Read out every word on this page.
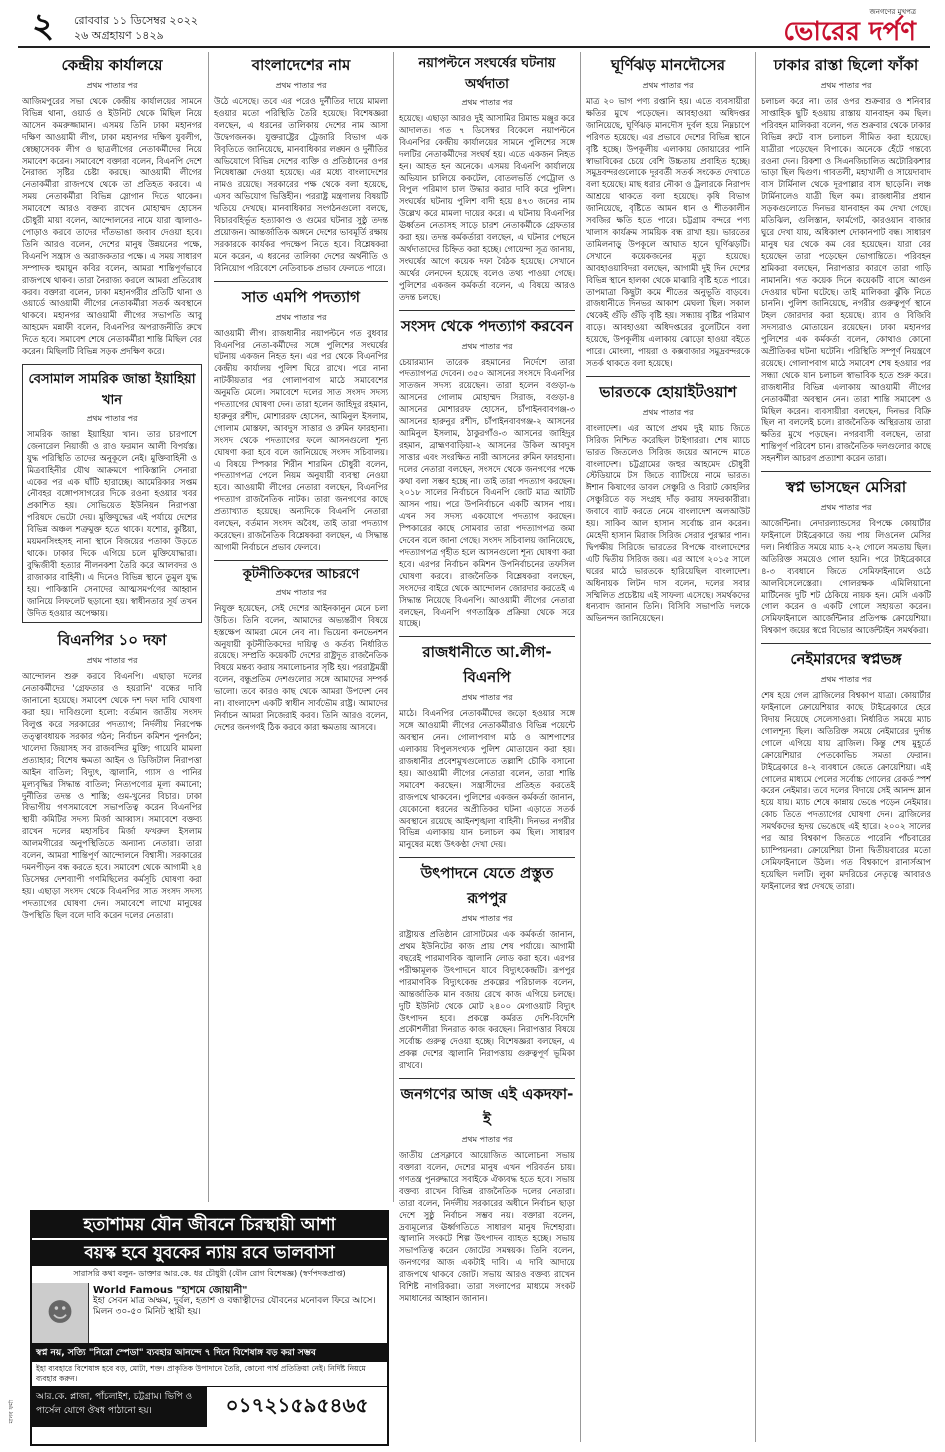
২ রোববার ১১ ডিসেম্বর ২০২২
২৬ অগ্রহায়ণ ১৪২৯
জনগণের মুখপত্র
ভোরের দর্পণ
কেন্দ্রীয় কার্যালয়ে
প্রথম পাতার পর

আজিমপুরের সভা থেকে কেন্দ্রীয় কার্যালয়ের সামনে বিভিন্ন থানা, ওয়ার্ড ও ইউনিট থেকে মিছিল নিয়ে আসেন কমরুজ্জামান। এসময় তিনি ঢাকা মহানগর দক্ষিণ আওয়ামী লীগ, ঢাকা মহানগর দক্ষিণ যুবলীগ, স্বেচ্ছাসেবক লীগ ও ছাত্রলীগের নেতাকর্মীদের নিয়ে সমাবেশ করেন। সমাবেশে বক্তারা বলেন, বিএনপি দেশে নৈরাজ্য সৃষ্টির চেষ্টা করছে। আওয়ামী লীগের নেতাকর্মীরা রাজপথে থেকে তা প্রতিহত করবে। এ সময় নেতাকর্মীরা বিভিন্ন স্লোগান দিতে থাকেন। সমাবেশে আরও বক্তব্য রাখেন মোহাম্মদ হোসেন চৌধুরী মায়া বলেন, আন্দোলনের নামে যারা জ্বালাও-পোড়াও করবে তাদের দাঁতভাঙা জবাব দেওয়া হবে। তিনি আরও বলেন, দেশের মানুষ উন্নয়নের পক্ষে, বিএনপি সন্ত্রাস ও অরাজকতার পক্ষে। এ সময় সাধারণ সম্পাদক হুমায়ুন কবির বলেন, আমরা শান্তিপূর্ণভাবে রাজপথে থাকব। তারা নৈরাজ্য করলে আমরা প্রতিরোধ করব। বক্তারা বলেন, ঢাকা মহানগরীর প্রতিটি থানা ও ওয়ার্ডে আওয়ামী লীগের নেতাকর্মীরা সতর্ক অবস্থানে থাকবে। মহানগর আওয়ামী লীগের সভাপতি আবু আহমেদ মন্নাফী বলেন, বিএনপির অপরাজনীতি রুখে দিতে হবে। সমাবেশ শেষে নেতাকর্মীরা শান্তি মিছিল বের করেন। মিছিলটি বিভিন্ন সড়ক প্রদক্ষিণ করে।

বেসামাল সামরিক জান্তা ইয়াহিয়া খান
প্রথম পাতার পর

সামরিক জান্তা ইয়াহিয়া খান। তার চারপাশে জেনারেল নিয়াজী ও রাও ফরমান আলী বিপর্যস্ত। যুদ্ধ পরিস্থিতি তাদের অনুকূলে নেই। মুক্তিবাহিনী ও মিত্রবাহিনীর যৌথ আক্রমণে পাকিস্তানি সেনারা একের পর এক ঘাঁটি হারাচ্ছে। আমেরিকার সপ্তম নৌবহর বঙ্গোপসাগরের দিকে রওনা হওয়ার খবর প্রকাশিত হয়। সোভিয়েত ইউনিয়ন নিরাপত্তা পরিষদে ভেটো দেয়। মুক্তিযুদ্ধের এই পর্যায়ে দেশের বিভিন্ন অঞ্চল শত্রুমুক্ত হতে থাকে। যশোর, কুষ্টিয়া, ময়মনসিংহসহ নানা স্থানে বিজয়ের পতাকা উড়তে থাকে। ঢাকার দিকে এগিয়ে চলে মুক্তিযোদ্ধারা। বুদ্ধিজীবী হত্যার নীলনকশা তৈরি করে আলবদর ও রাজাকার বাহিনী। এ দিনেও বিভিন্ন স্থানে তুমুল যুদ্ধ হয়। পাকিস্তানি সেনাদের আত্মসমর্পণের আহ্বান জানিয়ে লিফলেট ছড়ানো হয়। স্বাধীনতার সূর্য তখন উদিত হওয়ার অপেক্ষায়।

বিএনপির ১০ দফা
প্রথম পাতার পর

আন্দোলন শুরু করবে বিএনপি। এছাড়া দলের নেতাকর্মীদের 'গ্রেফতার ও হয়রানি' বন্ধের দাবি জানানো হয়েছে। সমাবেশ থেকে দশ দফা দাবি ঘোষণা করা হয়। দাবিগুলো হলো: বর্তমান জাতীয় সংসদ বিলুপ্ত করে সরকারের পদত্যাগ; নির্দলীয় নিরপেক্ষ তত্ত্বাবধায়ক সরকার গঠন; নির্বাচন কমিশন পুনর্গঠন; খালেদা জিয়াসহ সব রাজবন্দির মুক্তি; গায়েবি মামলা প্রত্যাহার; বিশেষ ক্ষমতা আইন ও ডিজিটাল নিরাপত্তা আইন বাতিল; বিদ্যুৎ, জ্বালানি, গ্যাস ও পানির মূল্যবৃদ্ধির সিদ্ধান্ত বাতিল; নিত্যপণ্যের মূল্য কমানো; দুর্নীতির তদন্ত ও শাস্তি; গুম-খুনের বিচার। ঢাকা বিভাগীয় গণসমাবেশে সভাপতিত্ব করেন বিএনপির স্থায়ী কমিটির সদস্য মির্জা আব্বাস। সমাবেশে বক্তব্য রাখেন দলের মহাসচিব মির্জা ফখরুল ইসলাম আলমগীরের অনুপস্থিতিতে অন্যান্য নেতারা। তারা বলেন, আমরা শান্তিপূর্ণ আন্দোলনে বিশ্বাসী। সরকারের দমনপীড়ন বন্ধ করতে হবে। সমাবেশ থেকে আগামী ২৪ ডিসেম্বর দেশব্যাপী গণমিছিলের কর্মসূচি ঘোষণা করা হয়। এছাড়া সংসদ থেকে বিএনপির সাত সংসদ সদস্য পদত্যাগের ঘোষণা দেন। সমাবেশে লাখো মানুষের উপস্থিতি ছিল বলে দাবি করেন দলের নেতারা।

বাংলাদেশের নাম
প্রথম পাতার পর

উঠে এসেছে। তবে এর পরেও দুর্নীতির দায়ে মামলা হওয়ার মতো পরিস্থিতি তৈরি হয়েছে। বিশেষজ্ঞরা বলছেন, এ ধরনের তালিকায় দেশের নাম আসা উদ্বেগজনক। যুক্তরাষ্ট্রের ট্রেজারি বিভাগ এক বিবৃতিতে জানিয়েছে, মানবাধিকার লঙ্ঘন ও দুর্নীতির অভিযোগে বিভিন্ন দেশের ব্যক্তি ও প্রতিষ্ঠানের ওপর নিষেধাজ্ঞা দেওয়া হয়েছে। এর মধ্যে বাংলাদেশের নামও রয়েছে। সরকারের পক্ষ থেকে বলা হয়েছে, এসব অভিযোগ ভিত্তিহীন। পররাষ্ট্র মন্ত্রণালয় বিষয়টি খতিয়ে দেখছে। মানবাধিকার সংগঠনগুলো বলছে, বিচারবহির্ভূত হত্যাকাণ্ড ও গুমের ঘটনার সুষ্ঠু তদন্ত প্রয়োজন। আন্তর্জাতিক অঙ্গনে দেশের ভাবমূর্তি রক্ষায় সরকারকে কার্যকর পদক্ষেপ নিতে হবে। বিশ্লেষকরা মনে করেন, এ ধরনের তালিকা দেশের অর্থনীতি ও বিনিয়োগ পরিবেশে নেতিবাচক প্রভাব ফেলতে পারে।

সাত এমপি পদত্যাগ
প্রথম পাতার পর

আওয়ামী লীগ। রাজধানীর নয়াপল্টনে গত বুধবার বিএনপির নেতা-কর্মীদের সঙ্গে পুলিশের সংঘর্ষের ঘটনায় একজন নিহত হন। এর পর থেকে বিএনপির কেন্দ্রীয় কার্যালয় পুলিশ ঘিরে রাখে। পরে নানা নাটকীয়তার পর গোলাপবাগ মাঠে সমাবেশের অনুমতি মেলে। সমাবেশে দলের সাত সংসদ সদস্য পদত্যাগের ঘোষণা দেন। তারা হলেন জাহিদুর রহমান, হারুনুর রশীদ, মোশাররফ হোসেন, আমিনুল ইসলাম, গোলাম মোস্তফা, আবদুস সাত্তার ও রুমিন ফারহানা। সংসদ থেকে পদত্যাগের ফলে আসনগুলো শূন্য ঘোষণা করা হবে বলে জানিয়েছে সংসদ সচিবালয়। এ বিষয়ে স্পিকার শিরীন শারমিন চৌধুরী বলেন, পদত্যাগপত্র পেলে নিয়ম অনুযায়ী ব্যবস্থা নেওয়া হবে। আওয়ামী লীগের নেতারা বলছেন, বিএনপির পদত্যাগ রাজনৈতিক নাটক। তারা জনগণের কাছে প্রত্যাখ্যাত হয়েছে। অন্যদিকে বিএনপি নেতারা বলছেন, বর্তমান সংসদ অবৈধ, তাই তারা পদত্যাগ করেছেন। রাজনৈতিক বিশ্লেষকরা বলছেন, এ সিদ্ধান্ত আগামী নির্বাচনে প্রভাব ফেলবে।

কূটনীতিকদের আচরণে
প্রথম পাতার পর

নিযুক্ত হয়েছেন, সেই দেশের আইনকানুন মেনে চলা উচিত। তিনি বলেন, আমাদের অভ্যন্তরীণ বিষয়ে হস্তক্ষেপ আমরা মেনে নেব না। ভিয়েনা কনভেনশন অনুযায়ী কূটনীতিকদের দায়িত্ব ও কর্তব্য নির্ধারিত রয়েছে। সম্প্রতি কয়েকটি দেশের রাষ্ট্রদূত রাজনৈতিক বিষয়ে মন্তব্য করায় সমালোচনার সৃষ্টি হয়। পররাষ্ট্রমন্ত্রী বলেন, বন্ধুপ্রতিম দেশগুলোর সঙ্গে আমাদের সম্পর্ক ভালো। তবে কারও কাছ থেকে আমরা উপদেশ নেব না। বাংলাদেশ একটি স্বাধীন সার্বভৌম রাষ্ট্র। আমাদের নির্বাচন আমরা নিজেরাই করব। তিনি আরও বলেন, দেশের জনগণই ঠিক করবে কারা ক্ষমতায় আসবে।

নয়াপল্টনে সংঘর্ষের ঘটনায় অর্থদাতা
প্রথম পাতার পর

হয়েছে। এছাড়া আরও দুই আসামির রিমান্ড মঞ্জুর করে আদালত। গত ৭ ডিসেম্বর বিকেলে নয়াপল্টনে বিএনপির কেন্দ্রীয় কার্যালয়ের সামনে পুলিশের সঙ্গে দলটির নেতাকর্মীদের সংঘর্ষ হয়। এতে একজন নিহত হন। আহত হন অনেকে। এসময় বিএনপি কার্যালয়ে অভিযান চালিয়ে ককটেল, বোতলভর্তি পেট্রোল ও বিপুল পরিমাণ চাল উদ্ধার করার দাবি করে পুলিশ। সংঘর্ষের ঘটনায় পুলিশ বাদী হয়ে ৪৭৩ জনের নাম উল্লেখ করে মামলা দায়ের করে। এ ঘটনায় বিএনপির ঊর্ধ্বতন নেতাসহ সাড়ে চারশ নেতাকর্মীকে গ্রেফতার করা হয়। তদন্ত কর্মকর্তারা বলছেন, এ ঘটনার পেছনে অর্থদাতাদের চিহ্নিত করা হচ্ছে। গোয়েন্দা সূত্র জানায়, সংঘর্ষের আগে কয়েক দফা বৈঠক হয়েছে। সেখানে অর্থের লেনদেন হয়েছে বলেও তথ্য পাওয়া গেছে। পুলিশের একজন কর্মকর্তা বলেন, এ বিষয়ে আরও তদন্ত চলছে।

সংসদ থেকে পদত্যাগ করবেন
প্রথম পাতার পর

চেয়ারম্যান তারেক রহমানের নির্দেশে তারা পদত্যাগপত্র দেবেন। ৩৫০ আসনের সংসদে বিএনপির সাতজন সদস্য রয়েছেন। তারা হলেন বগুড়া-৬ আসনের গোলাম মোহাম্মদ সিরাজ, বগুড়া-৪ আসনের মোশাররফ হোসেন, চাঁপাইনবাবগঞ্জ-৩ আসনের হারুনুর রশীদ, চাঁপাইনবাবগঞ্জ-২ আসনের আমিনুল ইসলাম, ঠাকুরগাঁও-৩ আসনের জাহিদুর রহমান, ব্রাহ্মণবাড়িয়া-২ আসনের উকিল আবদুস সাত্তার এবং সংরক্ষিত নারী আসনের রুমিন ফারহানা। দলের নেতারা বলছেন, সংসদে থেকে জনগণের পক্ষে কথা বলা সম্ভব হচ্ছে না। তাই তারা পদত্যাগ করছেন। ২০১৮ সালের নির্বাচনে বিএনপি জোট মাত্র আটটি আসন পায়। পরে উপনির্বাচনে একটি আসন পায়। এখন সব সদস্য একযোগে পদত্যাগ করছেন। স্পিকারের কাছে সোমবার তারা পদত্যাগপত্র জমা দেবেন বলে জানা গেছে। সংসদ সচিবালয় জানিয়েছে, পদত্যাগপত্র গৃহীত হলে আসনগুলো শূন্য ঘোষণা করা হবে। এরপর নির্বাচন কমিশন উপনির্বাচনের তফসিল ঘোষণা করবে। রাজনৈতিক বিশ্লেষকরা বলছেন, সংসদের বাইরে থেকে আন্দোলন জোরদার করতেই এ সিদ্ধান্ত নিয়েছে বিএনপি। আওয়ামী লীগের নেতারা বলছেন, বিএনপি গণতান্ত্রিক প্রক্রিয়া থেকে সরে যাচ্ছে।

রাজধানীতে আ.লীগ-বিএনপি
প্রথম পাতার পর

মাঠে। বিএনপির নেতাকর্মীদের জড়ো হওয়ার সঙ্গে সঙ্গে আওয়ামী লীগের নেতাকর্মীরাও বিভিন্ন পয়েন্টে অবস্থান নেন। গোলাপবাগ মাঠ ও আশপাশের এলাকায় বিপুলসংখ্যক পুলিশ মোতায়েন করা হয়। রাজধানীর প্রবেশমুখগুলোতে তল্লাশি চৌকি বসানো হয়। আওয়ামী লীগের নেতারা বলেন, তারা শান্তি সমাবেশ করছেন। সন্ত্রাসীদের প্রতিহত করতেই রাজপথে থাকবেন। পুলিশের একজন কর্মকর্তা জানান, যেকোনো ধরনের অপ্রীতিকর ঘটনা এড়াতে সতর্ক অবস্থানে রয়েছে আইনশৃঙ্খলা বাহিনী। দিনভর নগরীর বিভিন্ন এলাকায় যান চলাচল কম ছিল। সাধারণ মানুষের মধ্যে উৎকণ্ঠা দেখা দেয়।

উৎপাদনে যেতে প্রস্তুত রূপপুর
প্রথম পাতার পর

রাষ্ট্রায়ত্ত প্রতিষ্ঠান রোসাটমের এক কর্মকর্তা জানান, প্রথম ইউনিটের কাজ প্রায় শেষ পর্যায়ে। আগামী বছরেই পারমাণবিক জ্বালানি লোড করা হবে। এরপর পরীক্ষামূলক উৎপাদনে যাবে বিদ্যুৎকেন্দ্রটি। রূপপুর পারমাণবিক বিদ্যুৎকেন্দ্র প্রকল্পের পরিচালক বলেন, আন্তর্জাতিক মান বজায় রেখে কাজ এগিয়ে চলছে। দুটি ইউনিট থেকে মোট ২৪০০ মেগাওয়াট বিদ্যুৎ উৎপাদন হবে। প্রকল্পে কর্মরত দেশি-বিদেশি প্রকৌশলীরা দিনরাত কাজ করছেন। নিরাপত্তার বিষয়ে সর্বোচ্চ গুরুত্ব দেওয়া হচ্ছে। বিশেষজ্ঞরা বলছেন, এ প্রকল্প দেশের জ্বালানি নিরাপত্তায় গুরুত্বপূর্ণ ভূমিকা রাখবে।

জনগণের আজ এই একদফা-ই
প্রথম পাতার পর

জাতীয় প্রেসক্লাবে আয়োজিত আলোচনা সভায় বক্তারা বলেন, দেশের মানুষ এখন পরিবর্তন চায়। গণতন্ত্র পুনরুদ্ধারে সবাইকে ঐক্যবদ্ধ হতে হবে। সভায় বক্তব্য রাখেন বিভিন্ন রাজনৈতিক দলের নেতারা। তারা বলেন, নির্দলীয় সরকারের অধীনে নির্বাচন ছাড়া দেশে সুষ্ঠু নির্বাচন সম্ভব নয়। বক্তারা বলেন, দ্রব্যমূল্যের ঊর্ধ্বগতিতে সাধারণ মানুষ দিশেহারা। জ্বালানি সংকটে শিল্প উৎপাদন ব্যাহত হচ্ছে। সভায় সভাপতিত্ব করেন জোটের সমন্বয়ক। তিনি বলেন, জনগণের আজ একটাই দাবি। এ দাবি আদায়ে রাজপথে থাকবে জোট। সভায় আরও বক্তব্য রাখেন বিশিষ্ট নাগরিকরা। তারা সংলাপের মাধ্যমে সংকট সমাধানের আহ্বান জানান।

ঘূর্ণিঝড় মানদৌসের
প্রথম পাতার পর

মাত্র ২০ ভাগ পণ্য রপ্তানি হয়। এতে ব্যবসায়ীরা ক্ষতির মুখে পড়েছেন। আবহাওয়া অধিদপ্তর জানিয়েছে, ঘূর্ণিঝড় মানদৌস দুর্বল হয়ে নিম্নচাপে পরিণত হয়েছে। এর প্রভাবে দেশের বিভিন্ন স্থানে বৃষ্টি হচ্ছে। উপকূলীয় এলাকায় জোয়ারের পানি স্বাভাবিকের চেয়ে বেশি উচ্চতায় প্রবাহিত হচ্ছে। সমুদ্রবন্দরগুলোকে দূরবর্তী সতর্ক সংকেত দেখাতে বলা হয়েছে। মাছ ধরার নৌকা ও ট্রলারকে নিরাপদ আশ্রয়ে থাকতে বলা হয়েছে। কৃষি বিভাগ জানিয়েছে, বৃষ্টিতে আমন ধান ও শীতকালীন সবজির ক্ষতি হতে পারে। চট্টগ্রাম বন্দরে পণ্য খালাস কার্যক্রম সাময়িক বন্ধ রাখা হয়। ভারতের তামিলনাড়ু উপকূলে আঘাত হানে ঘূর্ণিঝড়টি। সেখানে কয়েকজনের মৃত্যু হয়েছে। আবহাওয়াবিদরা বলছেন, আগামী দুই দিন দেশের বিভিন্ন স্থানে হালকা থেকে মাঝারি বৃষ্টি হতে পারে। তাপমাত্রা কিছুটা কমে শীতের অনুভূতি বাড়বে। রাজধানীতে দিনভর আকাশ মেঘলা ছিল। সকাল থেকেই গুঁড়ি গুঁড়ি বৃষ্টি হয়। সন্ধ্যায় বৃষ্টির পরিমাণ বাড়ে। আবহাওয়া অধিদপ্তরের বুলেটিনে বলা হয়েছে, উপকূলীয় এলাকায় ঝোড়ো হাওয়া বইতে পারে। মোংলা, পায়রা ও কক্সবাজার সমুদ্রবন্দরকে সতর্ক থাকতে বলা হয়েছে।

ভারতকে হোয়াইটওয়াশ
প্রথম পাতার পর

বাংলাদেশ। এর আগে প্রথম দুই ম্যাচ জিতে সিরিজ নিশ্চিত করেছিল টাইগাররা। শেষ ম্যাচে ভারত জিতলেও সিরিজ জয়ের আনন্দে মাতে বাংলাদেশ। চট্টগ্রামের জহুর আহমেদ চৌধুরী স্টেডিয়ামে টস জিতে ব্যাটিংয়ে নামে ভারত। ঈশান কিষাণের ডাবল সেঞ্চুরি ও বিরাট কোহলির সেঞ্চুরিতে বড় সংগ্রহ দাঁড় করায় সফরকারীরা। জবাবে ব্যাট করতে নেমে বাংলাদেশ অলআউট হয়। সাকিব আল হাসান সর্বোচ্চ রান করেন। মেহেদী হাসান মিরাজ সিরিজ সেরার পুরস্কার পান। দ্বিপক্ষীয় সিরিজে ভারতের বিপক্ষে বাংলাদেশের এটি দ্বিতীয় সিরিজ জয়। এর আগে ২০১৫ সালে ঘরের মাঠে ভারতকে হারিয়েছিল বাংলাদেশ। অধিনায়ক লিটন দাস বলেন, দলের সবার সম্মিলিত প্রচেষ্টায় এই সাফল্য এসেছে। সমর্থকদের ধন্যবাদ জানান তিনি। বিসিবি সভাপতি দলকে অভিনন্দন জানিয়েছেন।

ঢাকার রাস্তা ছিলো ফাঁকা
প্রথম পাতার পর

চলাচল করে না। তার ওপর শুক্রবার ও শনিবার সাপ্তাহিক ছুটি হওয়ায় রাস্তায় যানবাহন কম ছিল। পরিবহন মালিকরা বলেন, গত শুক্রবার থেকে ঢাকার বিভিন্ন রুটে বাস চলাচল সীমিত করা হয়েছে। যাত্রীরা পড়েছেন বিপাকে। অনেকে হেঁটে গন্তব্যে রওনা দেন। রিকশা ও সিএনজিচালিত অটোরিকশার ভাড়া ছিল দ্বিগুণ। গাবতলী, মহাখালী ও সায়েদাবাদ বাস টার্মিনাল থেকে দূরপাল্লার বাস ছাড়েনি। লঞ্চ টার্মিনালেও যাত্রী ছিল কম। রাজধানীর প্রধান সড়কগুলোতে দিনভর যানবাহন কম দেখা গেছে। মতিঝিল, গুলিস্তান, ফার্মগেট, কারওয়ান বাজার ঘুরে দেখা যায়, অধিকাংশ দোকানপাট বন্ধ। সাধারণ মানুষ ঘর থেকে কম বের হয়েছেন। যারা বের হয়েছেন তারা পড়েছেন ভোগান্তিতে। পরিবহন শ্রমিকরা বলছেন, নিরাপত্তার কারণে তারা গাড়ি নামাননি। গত কয়েক দিনে কয়েকটি বাসে আগুন দেওয়ার ঘটনা ঘটেছে। তাই মালিকরা ঝুঁকি নিতে চাননি। পুলিশ জানিয়েছে, নগরীর গুরুত্বপূর্ণ স্থানে টহল জোরদার করা হয়েছে। র‍্যাব ও বিজিবি সদস্যরাও মোতায়েন রয়েছেন। ঢাকা মহানগর পুলিশের এক কর্মকর্তা বলেন, কোথাও কোনো অপ্রীতিকর ঘটনা ঘটেনি। পরিস্থিতি সম্পূর্ণ নিয়ন্ত্রণে রয়েছে। গোলাপবাগ মাঠে সমাবেশ শেষ হওয়ার পর সন্ধ্যা থেকে যান চলাচল স্বাভাবিক হতে শুরু করে। রাজধানীর বিভিন্ন এলাকায় আওয়ামী লীগের নেতাকর্মীরা অবস্থান নেন। তারা শান্তি সমাবেশ ও মিছিল করেন। ব্যবসায়ীরা বলছেন, দিনভর বিক্রি ছিল না বললেই চলে। রাজনৈতিক অস্থিরতায় তারা ক্ষতির মুখে পড়ছেন। নগরবাসী বলছেন, তারা শান্তিপূর্ণ পরিবেশ চান। রাজনৈতিক দলগুলোর কাছে সহনশীল আচরণ প্রত্যাশা করেন তারা।

স্বপ্ন ভাসছেন মেসিরা
প্রথম পাতার পর

আর্জেন্টিনা। নেদারল্যান্ডসের বিপক্ষে কোয়ার্টার ফাইনালে টাইব্রেকারে জয় পায় লিওনেল মেসির দল। নির্ধারিত সময়ে ম্যাচ ২-২ গোলে সমতায় ছিল। অতিরিক্ত সময়েও গোল হয়নি। পরে টাইব্রেকারে ৪-৩ ব্যবধানে জিতে সেমিফাইনালে ওঠে আলবিসেলেস্তেরা। গোলরক্ষক এমিলিয়ানো মার্টিনেজ দুটি শট ঠেকিয়ে নায়ক হন। মেসি একটি গোল করেন ও একটি গোলে সহায়তা করেন। সেমিফাইনালে আর্জেন্টিনার প্রতিপক্ষ ক্রোয়েশিয়া। বিশ্বকাপ জয়ের স্বপ্নে বিভোর আর্জেন্টাইন সমর্থকরা।

নেইমারদের স্বপ্নভঙ্গ
প্রথম পাতার পর

শেষ হয়ে গেল ব্রাজিলের বিশ্বকাপ যাত্রা। কোয়ার্টার ফাইনালে ক্রোয়েশিয়ার কাছে টাইব্রেকারে হেরে বিদায় নিয়েছে সেলেসাওরা। নির্ধারিত সময়ে ম্যাচ গোলশূন্য ছিল। অতিরিক্ত সময়ে নেইমারের দুর্দান্ত গোলে এগিয়ে যায় ব্রাজিল। কিন্তু শেষ মুহূর্তে ক্রোয়েশিয়ার পেতকোভিচ সমতা ফেরান। টাইব্রেকারে ৪-২ ব্যবধানে জেতে ক্রোয়েশিয়া। এই গোলের মাধ্যমে পেলের সর্বোচ্চ গোলের রেকর্ড স্পর্শ করেন নেইমার। তবে দলের বিদায়ে সেই আনন্দ ম্লান হয়ে যায়। ম্যাচ শেষে কান্নায় ভেঙে পড়েন নেইমার। কোচ তিতে পদত্যাগের ঘোষণা দেন। ব্রাজিলের সমর্থকদের হৃদয় ভেঙেছে এই হারে। ২০০২ সালের পর আর বিশ্বকাপ জিততে পারেনি পাঁচবারের চ্যাম্পিয়নরা। ক্রোয়েশিয়া টানা দ্বিতীয়বারের মতো সেমিফাইনালে উঠল। গত বিশ্বকাপে রানার্সআপ হয়েছিল দলটি। লুকা মদরিচের নেতৃত্বে আবারও ফাইনালের স্বপ্ন দেখছে তারা।

হতাশাময় যৌন জীবনে চিরস্থায়ী আশা
বয়স্ক হবে যুবকের ন্যায় রবে ভালবাসা
সারাসরি কথা বলুন- ডাক্তার আর.কে. ধর চৌধুরী (যৌন রোগ বিশেষজ্ঞ) (স্বর্ণপদকপ্রাপ্ত)
☻
World Famous "হাশমে জোয়ানী"
ইহা সেবন মাত্র অক্ষম, দুর্বল, হতাশ ও বন্ধাত্বীদের যৌবনের মনোবল ফিরে আসে। মিলন ৩০-৫০ মিনিট স্থায়ী হয়।
স্বপ্ন নয়, সত্যি "নিরো স্পেডা" ব্যবহার আনন্দে ৭ দিনে বিশেষাঙ্গ বড় করা সম্ভব
ইহা ব্যবহারে বিশেষাঙ্গ হবে বড়, মোটা, শক্ত। প্রাকৃতিক উপাদানে তৈরি, কোনো পার্শ্ব প্রতিক্রিয়া নেই। নির্দিষ্ট নিয়মে ব্যবহার করুন।
আর.কে. প্লাজা, পাঁচলাইশ, চট্টগ্রাম। ভিপি ও পার্সেল যোগে ঔষধ পাঠানো হয়।	০১৭২১৫৯৫৪৬৫
মানব ফর্মা
